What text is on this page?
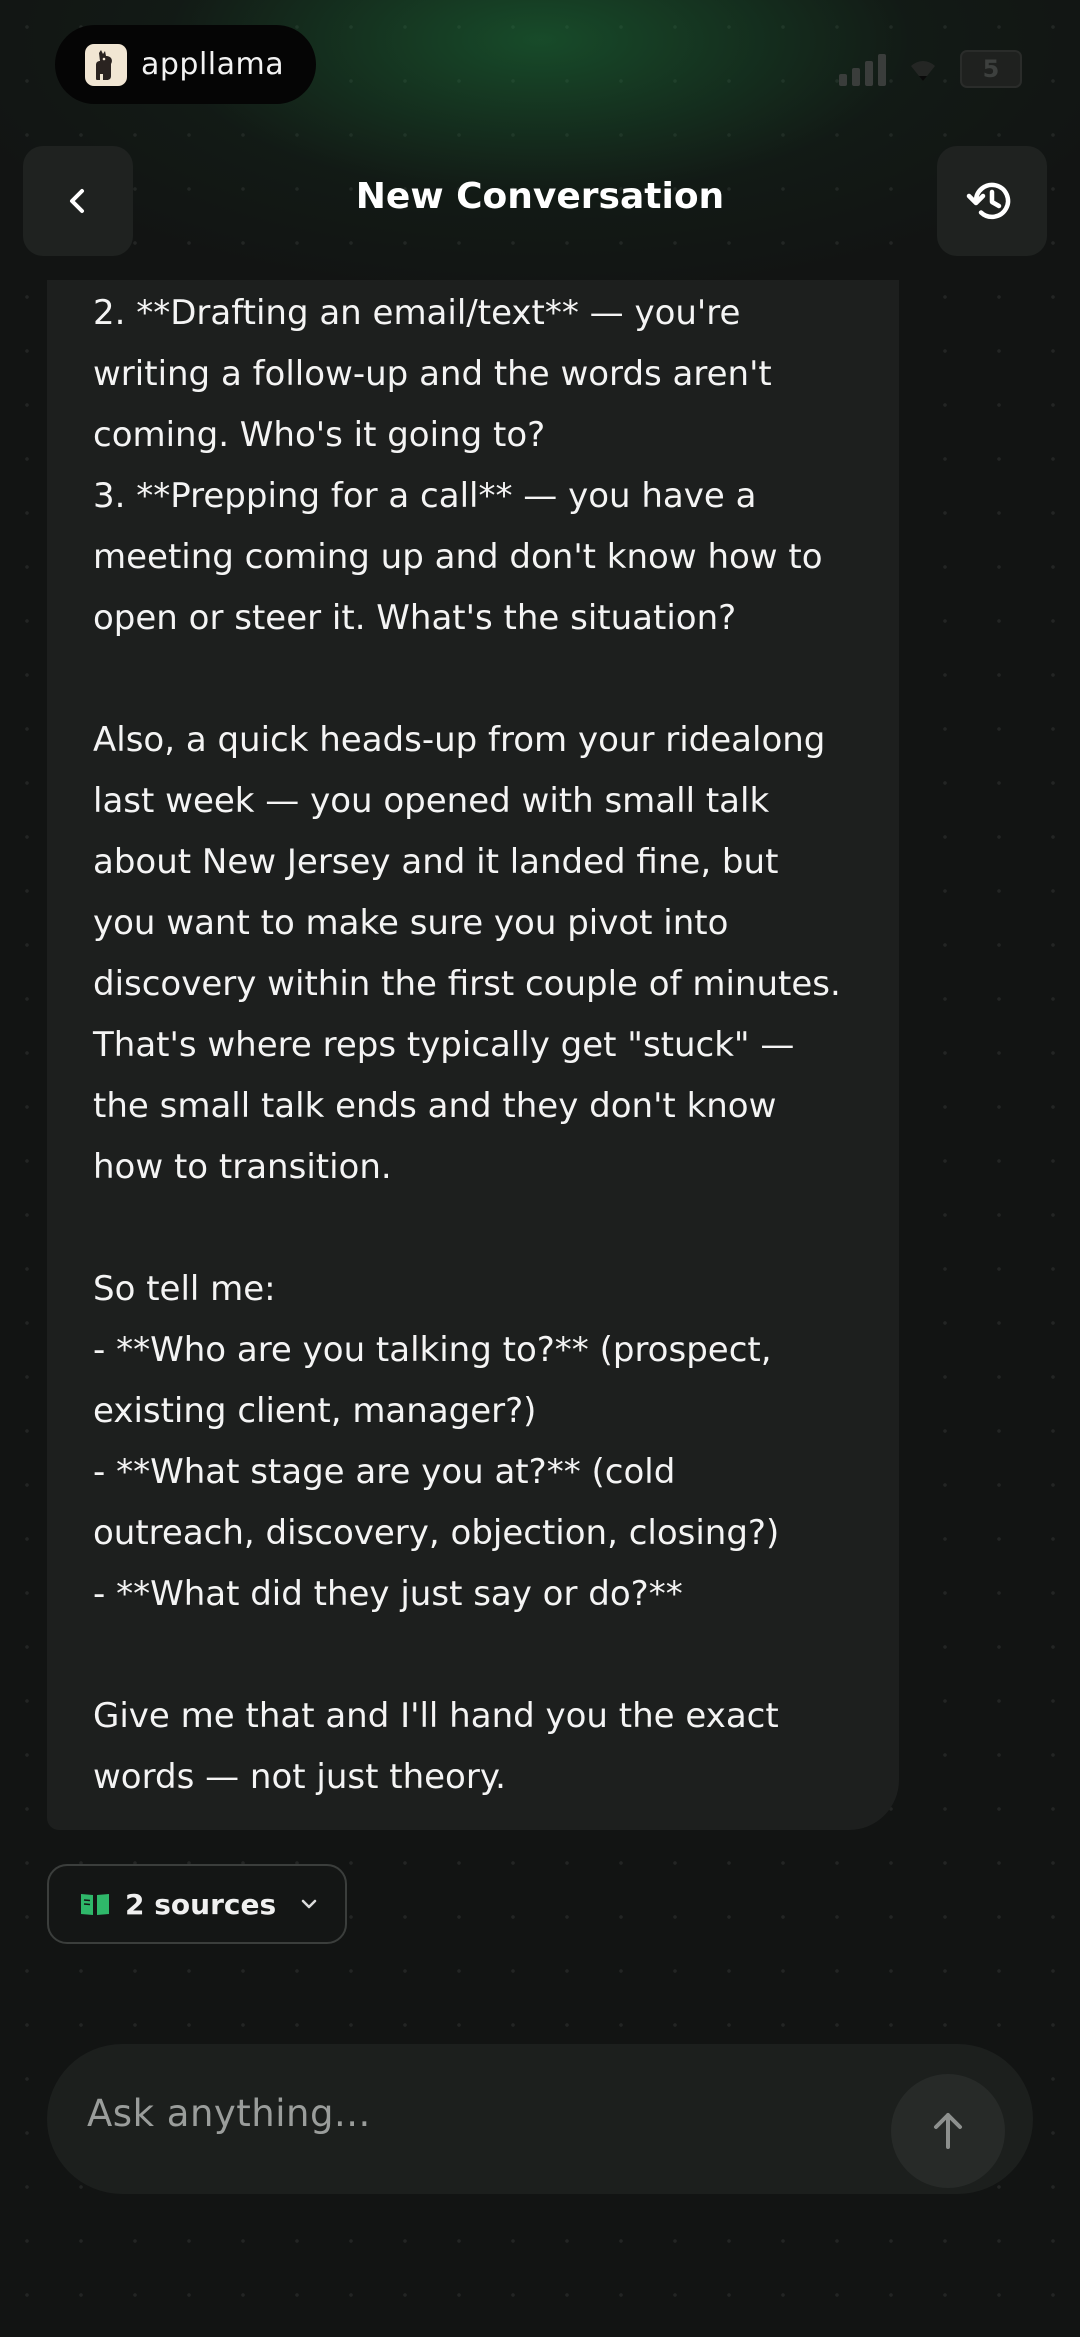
appllama	5
New Conversation
2. **Drafting an email/text** — you're
writing a follow-up and the words aren't
coming. Who's it going to?
3. **Prepping for a call** — you have a
meeting coming up and don't know how to
open or steer it. What's the situation?

Also, a quick heads-up from your ridealong
last week — you opened with small talk
about New Jersey and it landed fine, but
you want to make sure you pivot into
discovery within the first couple of minutes.
That's where reps typically get "stuck" —
the small talk ends and they don't know
how to transition.

So tell me:
- **Who are you talking to?** (prospect,
existing client, manager?)
- **What stage are you at?** (cold
outreach, discovery, objection, closing?)
- **What did they just say or do?**

Give me that and I'll hand you the exact
words — not just theory.
2 sources
Ask anything...
